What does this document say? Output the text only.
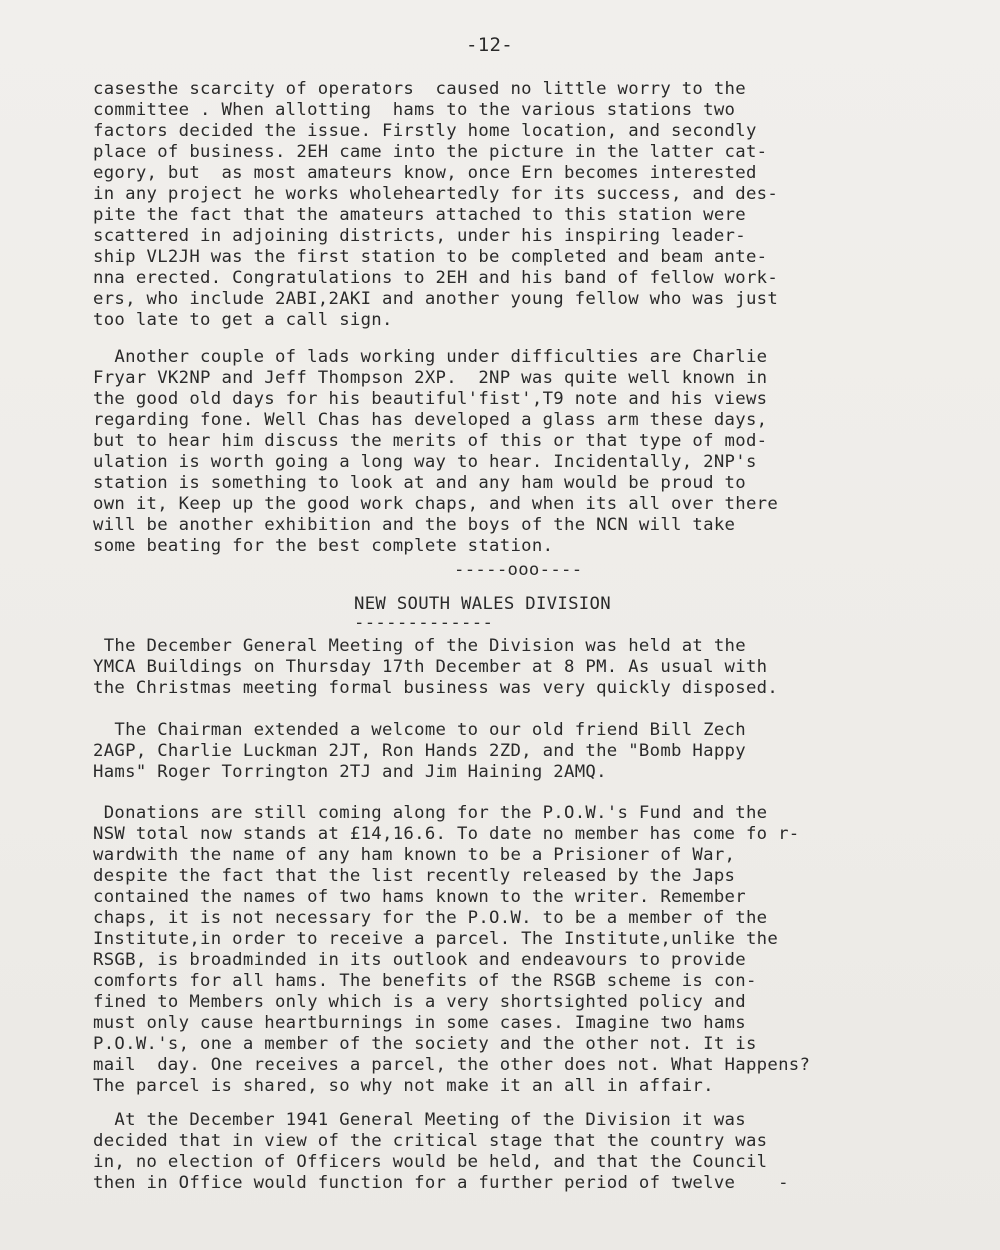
-12-
casesthe scarcity of operators  caused no little worry to the
committee . When allotting  hams to the various stations two
factors decided the issue. Firstly home location, and secondly
place of business. 2EH came into the picture in the latter cat-
egory, but  as most amateurs know, once Ern becomes interested
in any project he works wholeheartedly for its success, and des-
pite the fact that the amateurs attached to this station were
scattered in adjoining districts, under his inspiring leader-
ship VL2JH was the first station to be completed and beam ante-
nna erected. Congratulations to 2EH and his band of fellow work-
ers, who include 2ABI,2AKI and another young fellow who was just
too late to get a call sign.
Another couple of lads working under difficulties are Charlie
Fryar VK2NP and Jeff Thompson 2XP.  2NP was quite well known in
the good old days for his beautiful'fist',T9 note and his views
regarding fone. Well Chas has developed a glass arm these days,
but to hear him discuss the merits of this or that type of mod-
ulation is worth going a long way to hear. Incidentally, 2NP's
station is something to look at and any ham would be proud to
own it, Keep up the good work chaps, and when its all over there
will be another exhibition and the boys of the NCN will take
some beating for the best complete station.
-----ooo----
NEW SOUTH WALES DIVISION
-------------
The December General Meeting of the Division was held at the
YMCA Buildings on Thursday 17th December at 8 PM. As usual with
the Christmas meeting formal business was very quickly disposed.
The Chairman extended a welcome to our old friend Bill Zech
2AGP, Charlie Luckman 2JT, Ron Hands 2ZD, and the "Bomb Happy
Hams" Roger Torrington 2TJ and Jim Haining 2AMQ.
Donations are still coming along for the P.O.W.'s Fund and the
NSW total now stands at £14,16.6. To date no member has come fo r-
wardwith the name of any ham known to be a Prisioner of War,
despite the fact that the list recently released by the Japs
contained the names of two hams known to the writer. Remember
chaps, it is not necessary for the P.O.W. to be a member of the
Institute,in order to receive a parcel. The Institute,unlike the
RSGB, is broadminded in its outlook and endeavours to provide
comforts for all hams. The benefits of the RSGB scheme is con-
fined to Members only which is a very shortsighted policy and
must only cause heartburnings in some cases. Imagine two hams
P.O.W.'s, one a member of the society and the other not. It is
mail  day. One receives a parcel, the other does not. What Happens?
The parcel is shared, so why not make it an all in affair.
At the December 1941 General Meeting of the Division it was
decided that in view of the critical stage that the country was
in, no election of Officers would be held, and that the Council
then in Office would function for a further period of twelve    -
